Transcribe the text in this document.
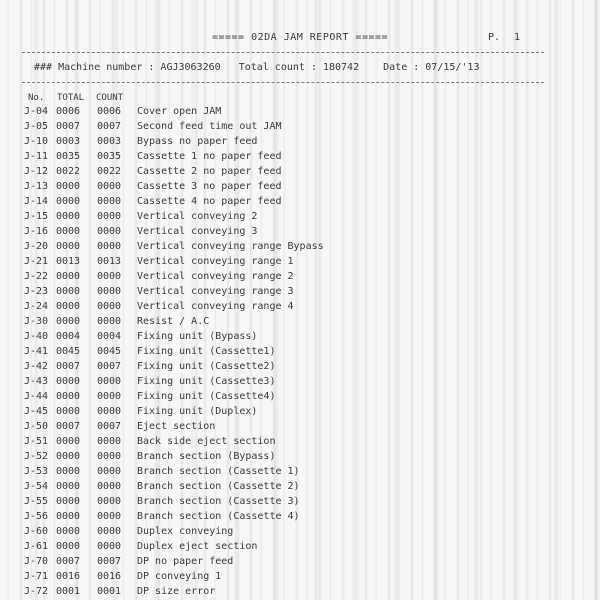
===== 02DA JAM REPORT =====	P. 1
### Machine number : AGJ3063260 Total count : 180742 Date : 07/15/'13
No. TOTAL COUNT
J-04 0006 0006 Cover open JAM
J-05 0007 0007 Second feed time out JAM
J-10 0003 0003 Bypass no paper feed
J-11 0035 0035 Cassette 1 no paper feed
J-12 0022 0022 Cassette 2 no paper feed
J-13 0000 0000 Cassette 3 no paper feed
J-14 0000 0000 Cassette 4 no paper feed
J-15 0000 0000 Vertical conveying 2
J-16 0000 0000 Vertical conveying 3
J-20 0000 0000 Vertical conveying range Bypass
J-21 0013 0013 Vertical conveying range 1
J-22 0000 0000 Vertical conveying range 2
J-23 0000 0000 Vertical conveying range 3
J-24 0000 0000 Vertical conveying range 4
J-30 0000 0000 Resist / A.C
J-40 0004 0004 Fixing unit (Bypass)
J-41 0045 0045 Fixing unit (Cassette1)
J-42 0007 0007 Fixing unit (Cassette2)
J-43 0000 0000 Fixing unit (Cassette3)
J-44 0000 0000 Fixing unit (Cassette4)
J-45 0000 0000 Fixing unit (Duplex)
J-50 0007 0007 Eject section
J-51 0000 0000 Back side eject section
J-52 0000 0000 Branch section (Bypass)
J-53 0000 0000 Branch section (Cassette 1)
J-54 0000 0000 Branch section (Cassette 2)
J-55 0000 0000 Branch section (Cassette 3)
J-56 0000 0000 Branch section (Cassette 4)
J-60 0000 0000 Duplex conveying
J-61 0000 0000 Duplex eject section
J-70 0007 0007 DP no paper feed
J-71 0016 0016 DP conveying 1
J-72 0001 0001 DP size error
